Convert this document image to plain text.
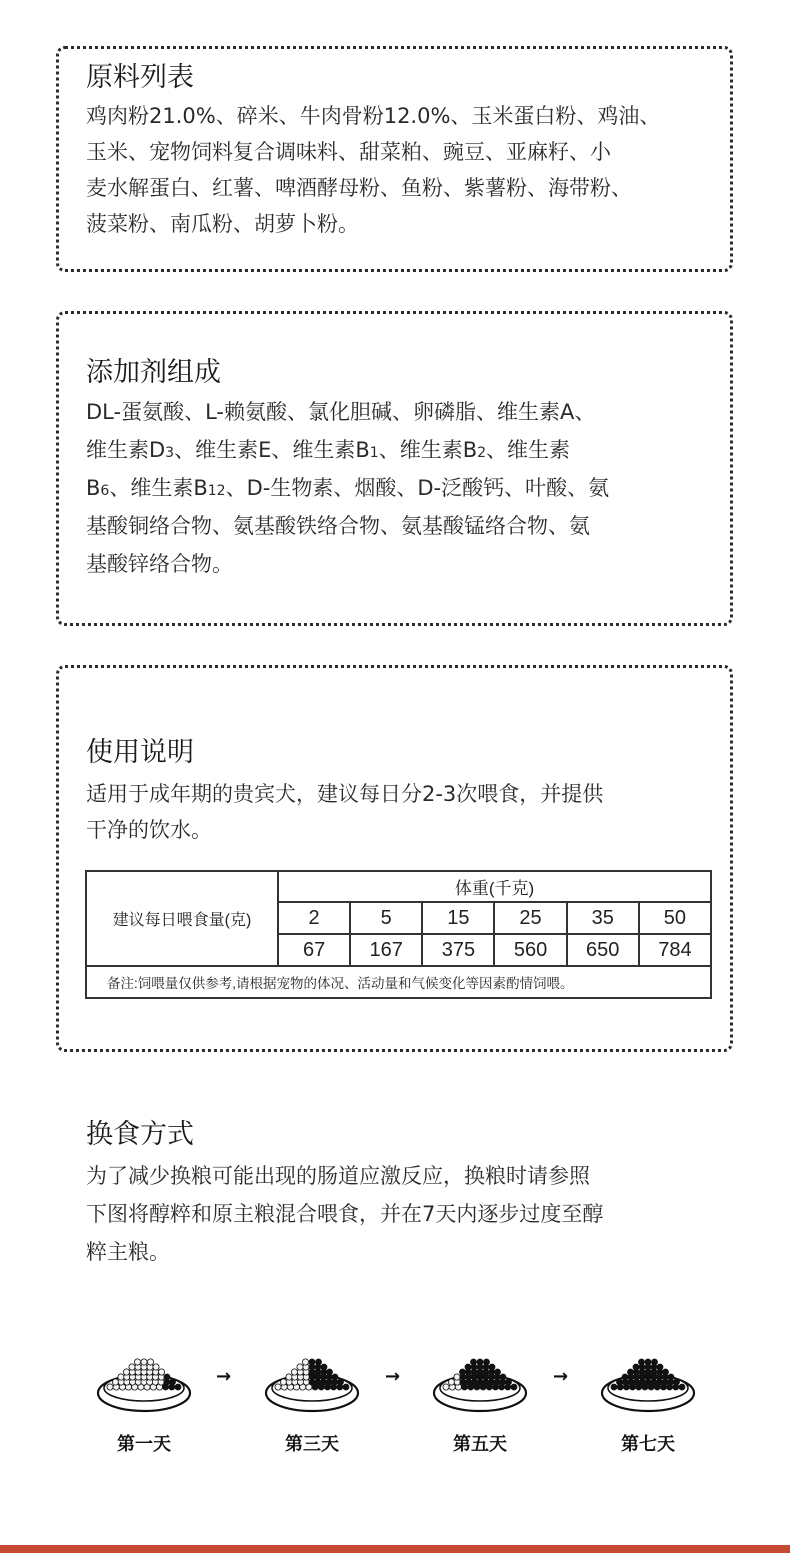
原料列表
鸡肉粉21.0%、碎米、牛肉骨粉12.0%、玉米蛋白粉、鸡油、
玉米、宠物饲料复合调味料、甜菜粕、豌豆、亚麻籽、小
麦水解蛋白、红薯、啤酒酵母粉、鱼粉、紫薯粉、海带粉、
菠菜粉、南瓜粉、胡萝卜粉。
添加剂组成
DL-蛋氨酸、L-赖氨酸、氯化胆碱、卵磷脂、维生素A、
维生素D3、维生素E、维生素B1、维生素B2、维生素
B6、维生素B12、D-生物素、烟酸、D-泛酸钙、叶酸、氨
基酸铜络合物、氨基酸铁络合物、氨基酸锰络合物、氨
基酸锌络合物。
使用说明
适用于成年期的贵宾犬，建议每日分2-3次喂食，并提供
干净的饮水。
建议每日喂食量(克)	体重(千克)					
	2	5	15	25	35	50
	67	167	375	560	650	784
备注:饲喂量仅供参考,请根据宠物的体况、活动量和气候变化等因素酌情饲喂。						
换食方式
为了减少换粮可能出现的肠道应激反应，换粮时请参照
下图将醇粹和原主粮混合喂食，并在7天内逐步过度至醇
粹主粮。
→	→	→
第一天	第三天	第五天	第七天
